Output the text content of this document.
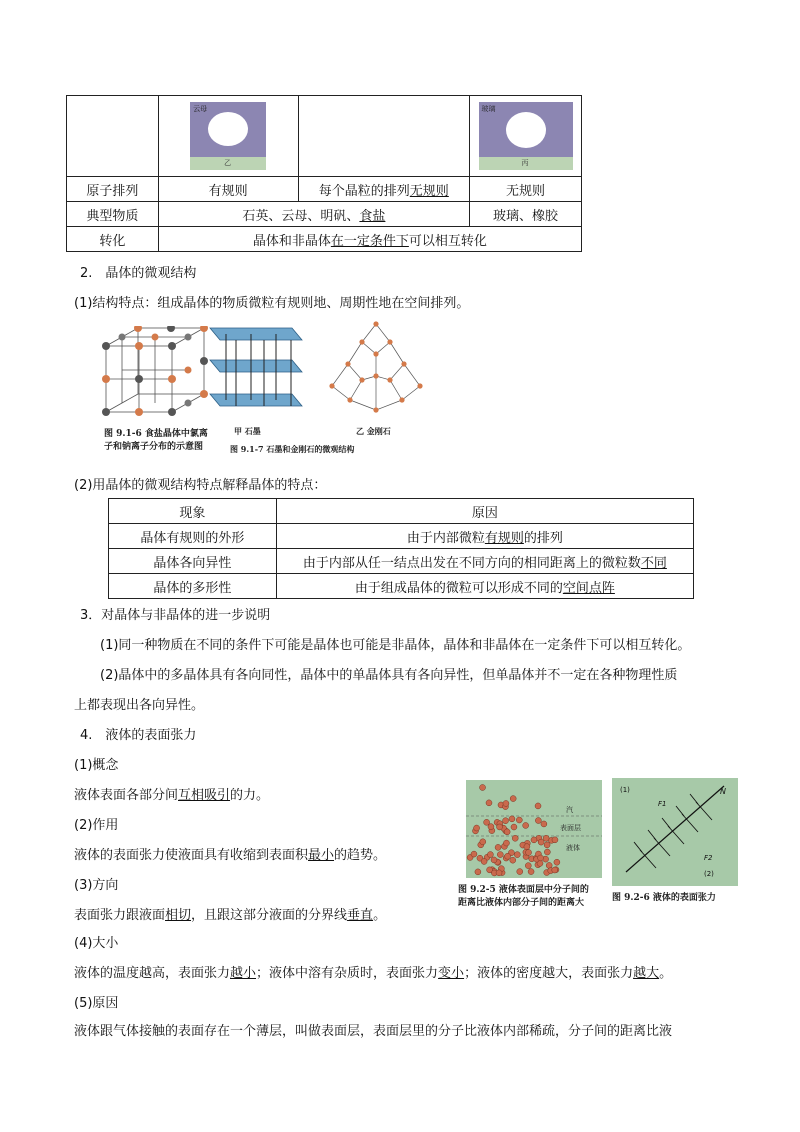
	云母
乙		玻璃
丙

原子排列	有规则	每个晶粒的排列无规则	无规则
典型物质	石英、云母、明矾、食盐		玻璃、橡胶
转化	晶体和非晶体在一定条件下可以相互转化		
2.　晶体的微观结构
(1)结构特点：组成晶体的物质微粒有规则地、周期性地在空间排列。
图 9.1-6 食盐晶体中氯离
子和钠离子分布的示意图
甲 石墨	乙 金刚石
图 9.1-7 石墨和金刚石的微观结构
(2)用晶体的微观结构特点解释晶体的特点：
现象	原因
晶体有规则的外形	由于内部微粒有规则的排列
晶体各向异性	由于内部从任一结点出发在不同方向的相同距离上的微粒数不同
晶体的多形性	由于组成晶体的微粒可以形成不同的空间点阵
3．对晶体与非晶体的进一步说明
(1)同一种物质在不同的条件下可能是晶体也可能是非晶体，晶体和非晶体在一定条件下可以相互转化。
(2)晶体中的多晶体具有各向同性，晶体中的单晶体具有各向异性，但单晶体并不一定在各种物理性质
上都表现出各向异性。
4.　液体的表面张力
(1)概念
液体表面各部分间互相吸引的力。
(2)作用
液体的表面张力使液面具有收缩到表面积最小的趋势。
(3)方向
表面张力跟液面相切，且跟这部分液面的分界线垂直。
(4)大小
液体的温度越高，表面张力越小；液体中溶有杂质时，表面张力变小；液体的密度越大，表面张力越大。
(5)原因
液体跟气体接触的表面存在一个薄层，叫做表面层，表面层里的分子比液体内部稀疏，分子间的距离比液
汽
表面层
液体
图 9.2-5 液体表面层中分子间的
距离比液体内部分子间的距离大
(1)	N
F1
F2
(2)
图 9.2-6 液体的表面张力
